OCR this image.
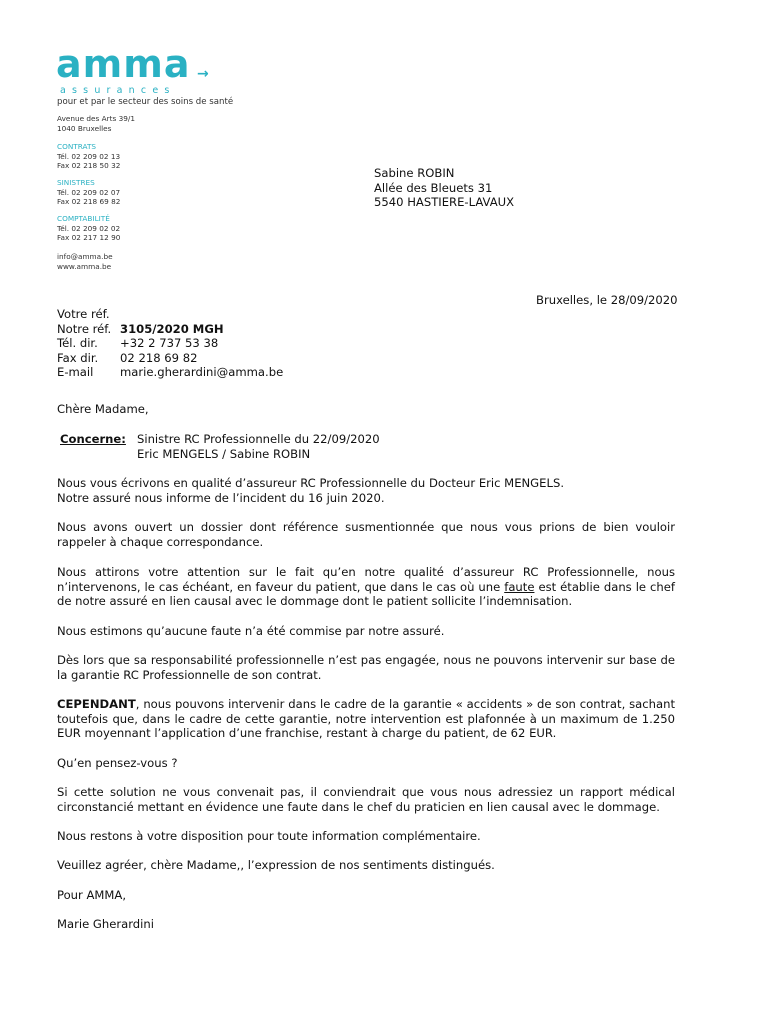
amma →
assurances
pour et par le secteur des soins de santé
Avenue des Arts 39/1
1040 Bruxelles
CONTRATS
Tél. 02 209 02 13
Fax 02 218 50 32
SINISTRES
Tél. 02 209 02 07
Fax 02 218 69 82
COMPTABILITÉ
Tél. 02 209 02 02
Fax 02 217 12 90
info@amma.be
www.amma.be
Sabine ROBIN
Allée des Bleuets 31
5540 HASTIERE-LAVAUX
Bruxelles, le 28/09/2020
Votre réf.
Notre réf.
Tél. dir.
Fax dir.
E-mail
3105/2020 MGH
+32 2 737 53 38
02 218 69 82
marie.gherardini@amma.be
Chère Madame,
Concerne: Sinistre RC Professionnelle du 22/09/2020
Eric MENGELS / Sabine ROBIN
Nous vous écrivons en qualité d’assureur RC Professionnelle du Docteur Eric MENGELS.
Notre assuré nous informe de l’incident du 16 juin 2020.
Nous avons ouvert un dossier dont référence susmentionnée que nous vous prions de bien vouloir rappeler à chaque correspondance.
Nous attirons votre attention sur le fait qu’en notre qualité d’assureur RC Professionnelle, nous n’intervenons, le cas échéant, en faveur du patient, que dans le cas où une faute est établie dans le chef de notre assuré en lien causal avec le dommage dont le patient sollicite l’indemnisation.
Nous estimons qu’aucune faute n’a été commise par notre assuré.
Dès lors que sa responsabilité professionnelle n’est pas engagée, nous ne pouvons intervenir sur base de la garantie RC Professionnelle de son contrat.
CEPENDANT, nous pouvons intervenir dans le cadre de la garantie « accidents » de son contrat, sachant toutefois que, dans le cadre de cette garantie, notre intervention est plafonnée à un maximum de 1.250 EUR moyennant l’application d’une franchise, restant à charge du patient, de 62 EUR.
Qu’en pensez-vous ?
Si cette solution ne vous convenait pas, il conviendrait que vous nous adressiez un rapport médical circonstancié mettant en évidence une faute dans le chef du praticien en lien causal avec le dommage.
Nous restons à votre disposition pour toute information complémentaire.
Veuillez agréer, chère Madame,, l’expression de nos sentiments distingués.
Pour AMMA,
Marie Gherardini
